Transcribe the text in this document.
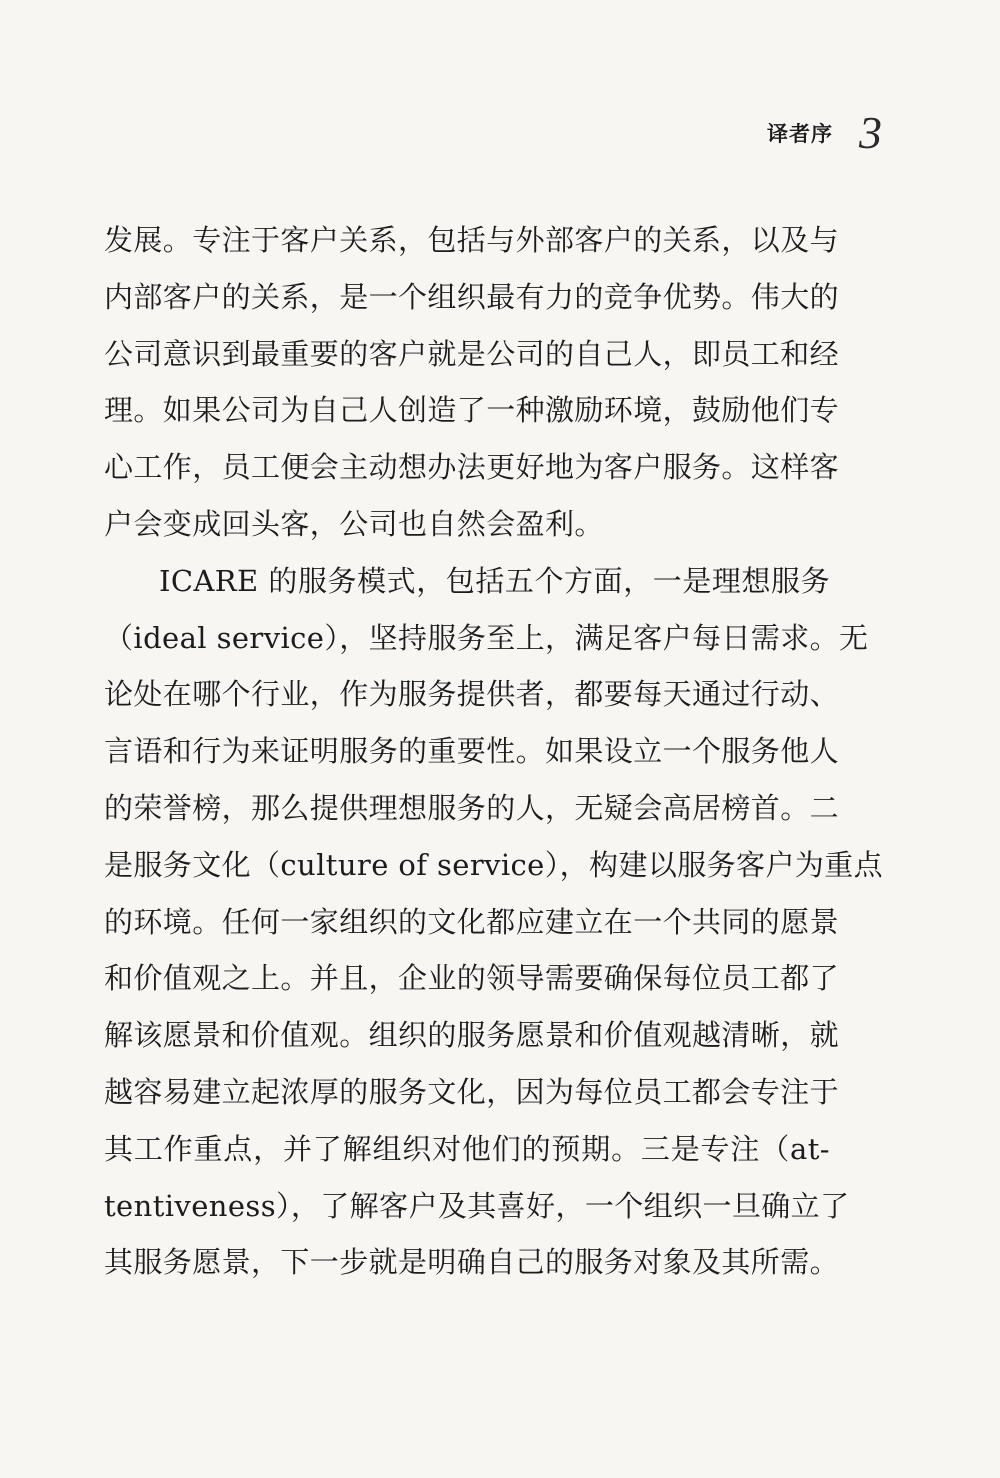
译者序 3
发展。专注于客户关系，包括与外部客户的关系，以及与
内部客户的关系，是一个组织最有力的竞争优势。伟大的
公司意识到最重要的客户就是公司的自己人，即员工和经
理。如果公司为自己人创造了一种激励环境，鼓励他们专
心工作，员工便会主动想办法更好地为客户服务。这样客
户会变成回头客，公司也自然会盈利。
ICARE 的服务模式，包括五个方面，一是理想服务
（ideal service），坚持服务至上，满足客户每日需求。无
论处在哪个行业，作为服务提供者，都要每天通过行动、
言语和行为来证明服务的重要性。如果设立一个服务他人
的荣誉榜，那么提供理想服务的人，无疑会高居榜首。二
是服务文化（culture of service），构建以服务客户为重点
的环境。任何一家组织的文化都应建立在一个共同的愿景
和价值观之上。并且，企业的领导需要确保每位员工都了
解该愿景和价值观。组织的服务愿景和价值观越清晰，就
越容易建立起浓厚的服务文化，因为每位员工都会专注于
其工作重点，并了解组织对他们的预期。三是专注（at-
tentiveness），了解客户及其喜好，一个组织一旦确立了
其服务愿景，下一步就是明确自己的服务对象及其所需。
